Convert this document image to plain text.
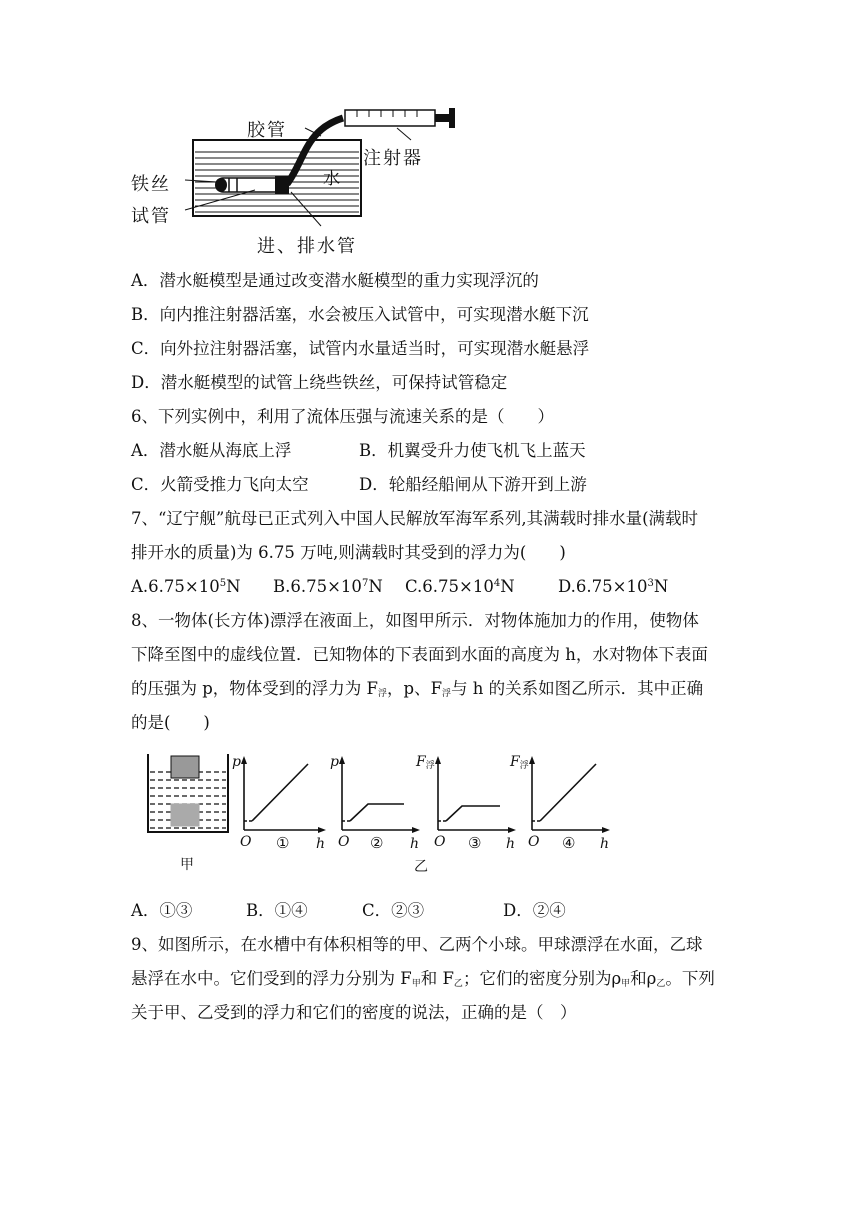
胶管
注射器
铁丝	水
试管
进、排水管
A．潜水艇模型是通过改变潜水艇模型的重力实现浮沉的
B．向内推注射器活塞，水会被压入试管中，可实现潜水艇下沉
C．向外拉注射器活塞，试管内水量适当时，可实现潜水艇悬浮
D．潜水艇模型的试管上绕些铁丝，可保持试管稳定
6、下列实例中，利用了流体压强与流速关系的是（　　）
A．潜水艇从海底上浮	B．机翼受升力使飞机飞上蓝天
C．火箭受推力飞向太空	D．轮船经船闸从下游开到上游
7、“辽宁舰”航母已正式列入中国人民解放军海军系列,其满载时排水量(满载时
排开水的质量)为 6.75 万吨,则满载时其受到的浮力为(　　)
$A.6.75\times 10^5N$ $B.6.75\times 10^7N$ $C.6.75\times 10^4N$	$D.6.75\times 10^3N$
8、一物体(长方体)漂浮在液面上，如图甲所示．对物体施加力的作用，使物体
下降至图中的虚线位置．已知物体的下表面到水面的高度为 h，水对物体下表面
的压强为 p，物体受到的浮力为 $F_浮$，p、$F_浮$与 h 的关系如图乙所示．其中正确
的是(　　)
甲	乙
p
O ① h
p
O ② h
$F_浮$
O ③ h
$F_浮$
O ④ h
A．①③	B．①④	C．②③	D．②④
9、如图所示，在水槽中有体积相等的甲、乙两个小球。甲球漂浮在水面，乙球
悬浮在水中。它们受到的浮力分别为 $F_甲$和 $F_乙$；它们的密度分别为$\rho_甲$和$\rho_乙$。下列
关于甲、乙受到的浮力和它们的密度的说法，正确的是（　）
